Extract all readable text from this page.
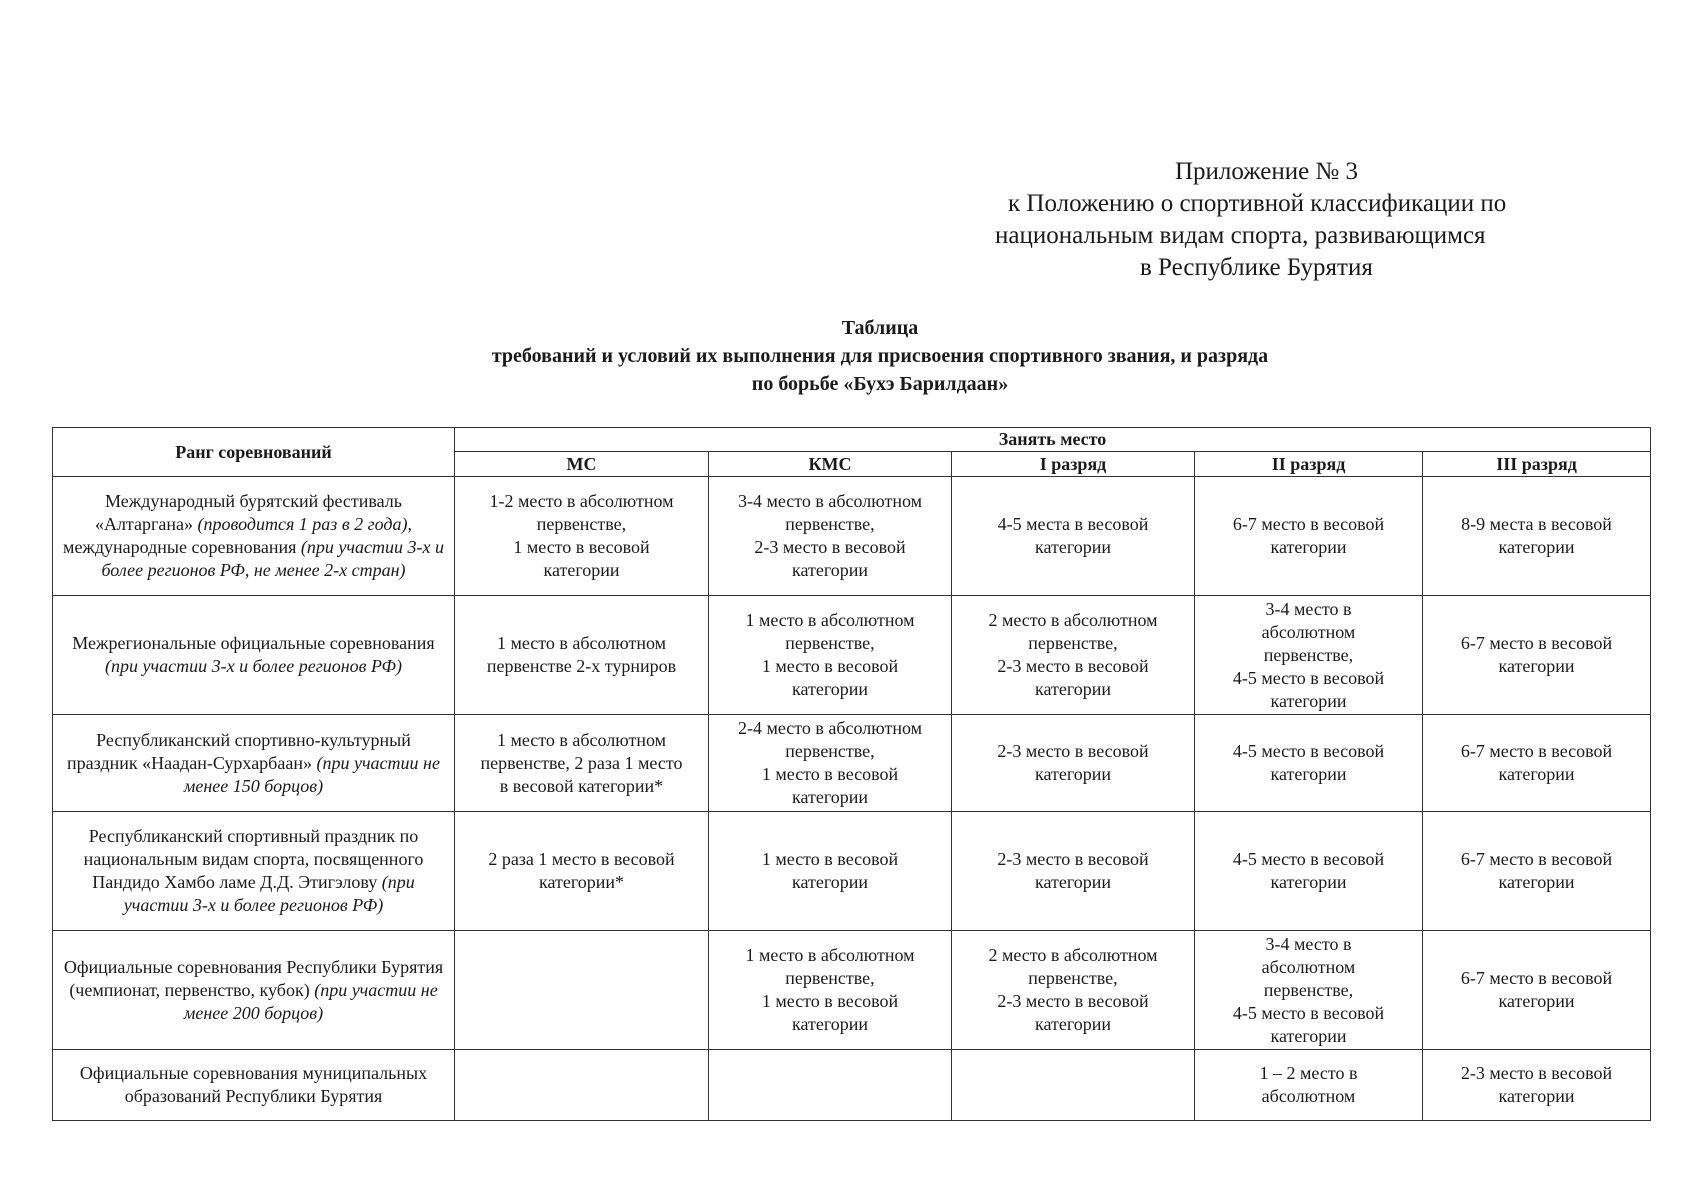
Приложение № 3
к Положению о спортивной классификации по
национальным видам спорта, развивающимся
в Республике Бурятия
Таблица
требований и условий их выполнения для присвоения спортивного звания, и разряда
по борьбе «Бухэ Барилдаан»
Ранг соревнований	Занять место				
	МС	КМС	I разряд	II разряд	III разряд
Международный бурятский фестиваль «Алтаргана» (проводится 1 раз в 2 года), международные соревнования (при участии 3-х и более регионов РФ, не менее 2-х стран)	1-2 место в абсолютном
первенстве,
1 место в весовой
категории	3-4 место в абсолютном
первенстве,
2-3 место в весовой
категории	4-5 места в весовой
категории	6-7 место в весовой
категории	8-9 места в весовой
категории
Межрегиональные официальные соревнования (при участии 3-х и более регионов РФ)	1 место в абсолютном
первенстве 2-х турниров	1 место в абсолютном
первенстве,
1 место в весовой
категории	2 место в абсолютном
первенстве,
2-3 место в весовой
категории	3-4 место в
абсолютном
первенстве,
4-5 место в весовой
категории	6-7 место в весовой
категории
Республиканский спортивно-культурный праздник «Наадан-Сурхарбаан» (при участии не менее 150 борцов)	1 место в абсолютном
первенстве, 2 раза 1 место
в весовой категории*	2-4 место в абсолютном
первенстве,
1 место в весовой
категории	2-3 место в весовой
категории	4-5 место в весовой
категории	6-7 место в весовой
категории
Республиканский спортивный праздник по национальным видам спорта, посвященного Пандидо Хамбо ламе Д.Д. Этигэлову (при участии 3-х и более регионов РФ)	2 раза 1 место в весовой
категории*	1 место в весовой
категории	2-3 место в весовой
категории	4-5 место в весовой
категории	6-7 место в весовой
категории
Официальные соревнования Республики Бурятия (чемпионат, первенство, кубок) (при участии не менее 200 борцов)		1 место в абсолютном
первенстве,
1 место в весовой
категории	2 место в абсолютном
первенстве,
2-3 место в весовой
категории	3-4 место в
абсолютном
первенстве,
4-5 место в весовой
категории	6-7 место в весовой
категории
Официальные соревнования муниципальных образований Республики Бурятия				1 – 2 место в
абсолютном	2-3 место в весовой
категории
